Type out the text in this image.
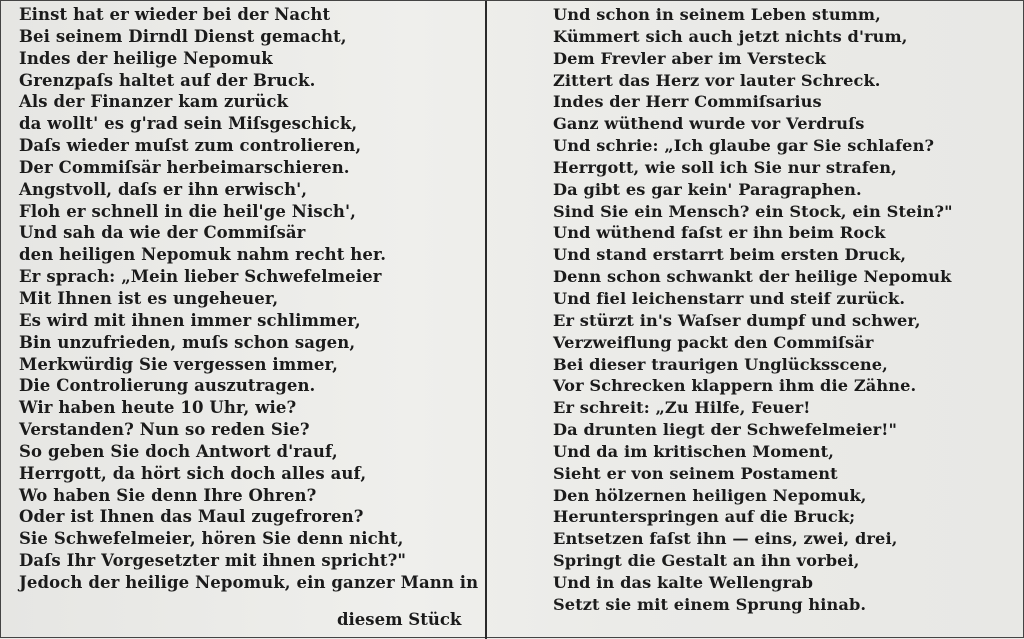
Einst hat er wieder bei der Nacht
Bei seinem Dirndl Dienst gemacht,
Indes der heilige Nepomuk
Grenzpaſs haltet auf der Bruck.
Als der Finanzer kam zurück
da wollt' es g'rad sein Miſsgeschick,
Daſs wieder muſst zum controlieren,
Der Commiſsär herbeimarschieren.
Angstvoll, daſs er ihn erwisch',
Floh er schnell in die heil'ge Nisch',
Und sah da wie der Commiſsär
den heiligen Nepomuk nahm recht her.
Er sprach: „Mein lieber Schwefelmeier
Mit Ihnen ist es ungeheuer,
Es wird mit ihnen immer schlimmer,
Bin unzufrieden, muſs schon sagen,
Merkwürdig Sie vergessen immer,
Die Controlierung auszutragen.
Wir haben heute 10 Uhr, wie?
Verstanden? Nun so reden Sie?
So geben Sie doch Antwort d'rauf,
Herrgott, da hört sich doch alles auf,
Wo haben Sie denn Ihre Ohren?
Oder ist Ihnen das Maul zugefroren?
Sie Schwefelmeier, hören Sie denn nicht,
Daſs Ihr Vorgesetzter mit ihnen spricht?"
Jedoch der heilige Nepomuk, ein ganzer Mann in
diesem Stück
Und schon in seinem Leben stumm,
Kümmert sich auch jetzt nichts d'rum,
Dem Frevler aber im Versteck
Zittert das Herz vor lauter Schreck.
Indes der Herr Commiſsarius
Ganz wüthend wurde vor Verdruſs
Und schrie: „Ich glaube gar Sie schlafen?
Herrgott, wie soll ich Sie nur strafen,
Da gibt es gar kein' Paragraphen.
Sind Sie ein Mensch? ein Stock, ein Stein?"
Und wüthend faſst er ihn beim Rock
Und stand erstarrt beim ersten Druck,
Denn schon schwankt der heilige Nepomuk
Und fiel leichenstarr und steif zurück.
Er stürzt in's Waſser dumpf und schwer,
Verzweiflung packt den Commiſsär
Bei dieser traurigen Unglücksscene,
Vor Schrecken klappern ihm die Zähne.
Er schreit: „Zu Hilfe, Feuer!
Da drunten liegt der Schwefelmeier!"
Und da im kritischen Moment,
Sieht er von seinem Postament
Den hölzernen heiligen Nepomuk,
Herunterspringen auf die Bruck;
Entsetzen faſst ihn — eins, zwei, drei,
Springt die Gestalt an ihn vorbei,
Und in das kalte Wellengrab
Setzt sie mit einem Sprung hinab.
